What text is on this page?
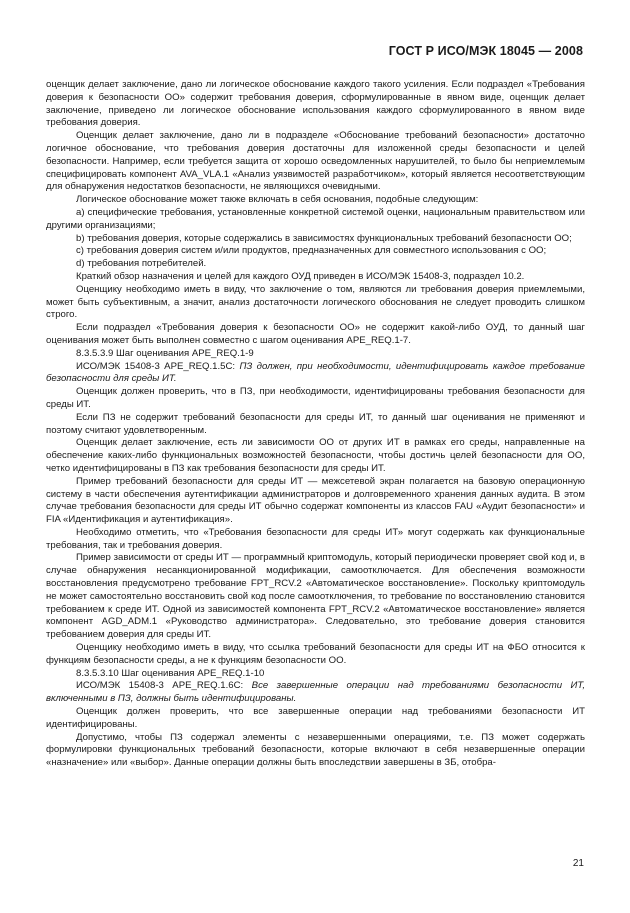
ГОСТ Р ИСО/МЭК 18045 — 2008

оценщик делает заключение, дано ли логическое обоснование каждого такого усиления. Если подраздел «Требования доверия к безопасности ОО» содержит требования доверия, сформулированные в явном виде, оценщик делает заключение, приведено ли логическое обоснование использования каждого сформулированного в явном виде требования доверия.

Оценщик делает заключение, дано ли в подразделе «Обоснование требований безопасности» достаточно логичное обоснование, что требования доверия достаточны для изложенной среды безопасности и целей безопасности. Например, если требуется защита от хорошо осведомленных нарушителей, то было бы неприемлемым специфицировать компонент AVA_VLA.1 «Анализ уязвимостей разработчиком», который является несоответствующим для обнаружения недостатков безопасности, не являющихся очевидными.

Логическое обоснование может также включать в себя основания, подобные следующим:

a) специфические требования, установленные конкретной системой оценки, национальным правительством или другими организациями;

b) требования доверия, которые содержались в зависимостях функциональных требований безопасности ОО;

c) требования доверия систем и/или продуктов, предназначенных для совместного использования с ОО;

d) требования потребителей.

Краткий обзор назначения и целей для каждого ОУД приведен в ИСО/МЭК 15408-3, подраздел 10.2.

Оценщику необходимо иметь в виду, что заключение о том, являются ли требования доверия приемлемыми, может быть субъективным, а значит, анализ достаточности логического обоснования не следует проводить слишком строго.

Если подраздел «Требования доверия к безопасности ОО» не содержит какой-либо ОУД, то данный шаг оценивания может быть выполнен совместно с шагом оценивания APE_REQ.1-7.

8.3.5.3.9 Шаг оценивания APE_REQ.1-9

ИСО/МЭК 15408-3 APE_REQ.1.5C: ПЗ должен, при необходимости, идентифицировать каждое требование безопасности для среды ИТ.

Оценщик должен проверить, что в ПЗ, при необходимости, идентифицированы требования безопасности для среды ИТ.

Если ПЗ не содержит требований безопасности для среды ИТ, то данный шаг оценивания не применяют и поэтому считают удовлетворенным.

Оценщик делает заключение, есть ли зависимости ОО от других ИТ в рамках его среды, направленные на обеспечение каких-либо функциональных возможностей безопасности, чтобы достичь целей безопасности для ОО, четко идентифицированы в ПЗ как требования безопасности для среды ИТ.

Пример требований безопасности для среды ИТ — межсетевой экран полагается на базовую операционную систему в части обеспечения аутентификации администраторов и долговременного хранения данных аудита. В этом случае требования безопасности для среды ИТ обычно содержат компоненты из классов FAU «Аудит безопасности» и FIA «Идентификация и аутентификация».

Необходимо отметить, что «Требования безопасности для среды ИТ» могут содержать как функциональные требования, так и требования доверия.

Пример зависимости от среды ИТ — программный криптомодуль, который периодически проверяет свой код и, в случае обнаружения несанкционированной модификации, самоотключается. Для обеспечения возможности восстановления предусмотрено требование FPT_RCV.2 «Автоматическое восстановление». Поскольку криптомодуль не может самостоятельно восстановить свой код после самоотключения, то требование по восстановлению становится требованием к среде ИТ. Одной из зависимостей компонента FPT_RCV.2 «Автоматическое восстановление» является компонент AGD_ADM.1 «Руководство администратора». Следовательно, это требование доверия становится требованием доверия для среды ИТ.

Оценщику необходимо иметь в виду, что ссылка требований безопасности для среды ИТ на ФБО относится к функциям безопасности среды, а не к функциям безопасности ОО.

8.3.5.3.10 Шаг оценивания APE_REQ.1-10

ИСО/МЭК 15408-3 APE_REQ.1.6C: Все завершенные операции над требованиями безопасности ИТ, включенными в ПЗ, должны быть идентифицированы.

Оценщик должен проверить, что все завершенные операции над требованиями безопасности ИТ идентифицированы.

Допустимо, чтобы ПЗ содержал элементы с незавершенными операциями, т.е. ПЗ может содержать формулировки функциональных требований безопасности, которые включают в себя незавершенные операции «назначение» или «выбор». Данные операции должны быть впоследствии завершены в ЗБ, отобра-

21
